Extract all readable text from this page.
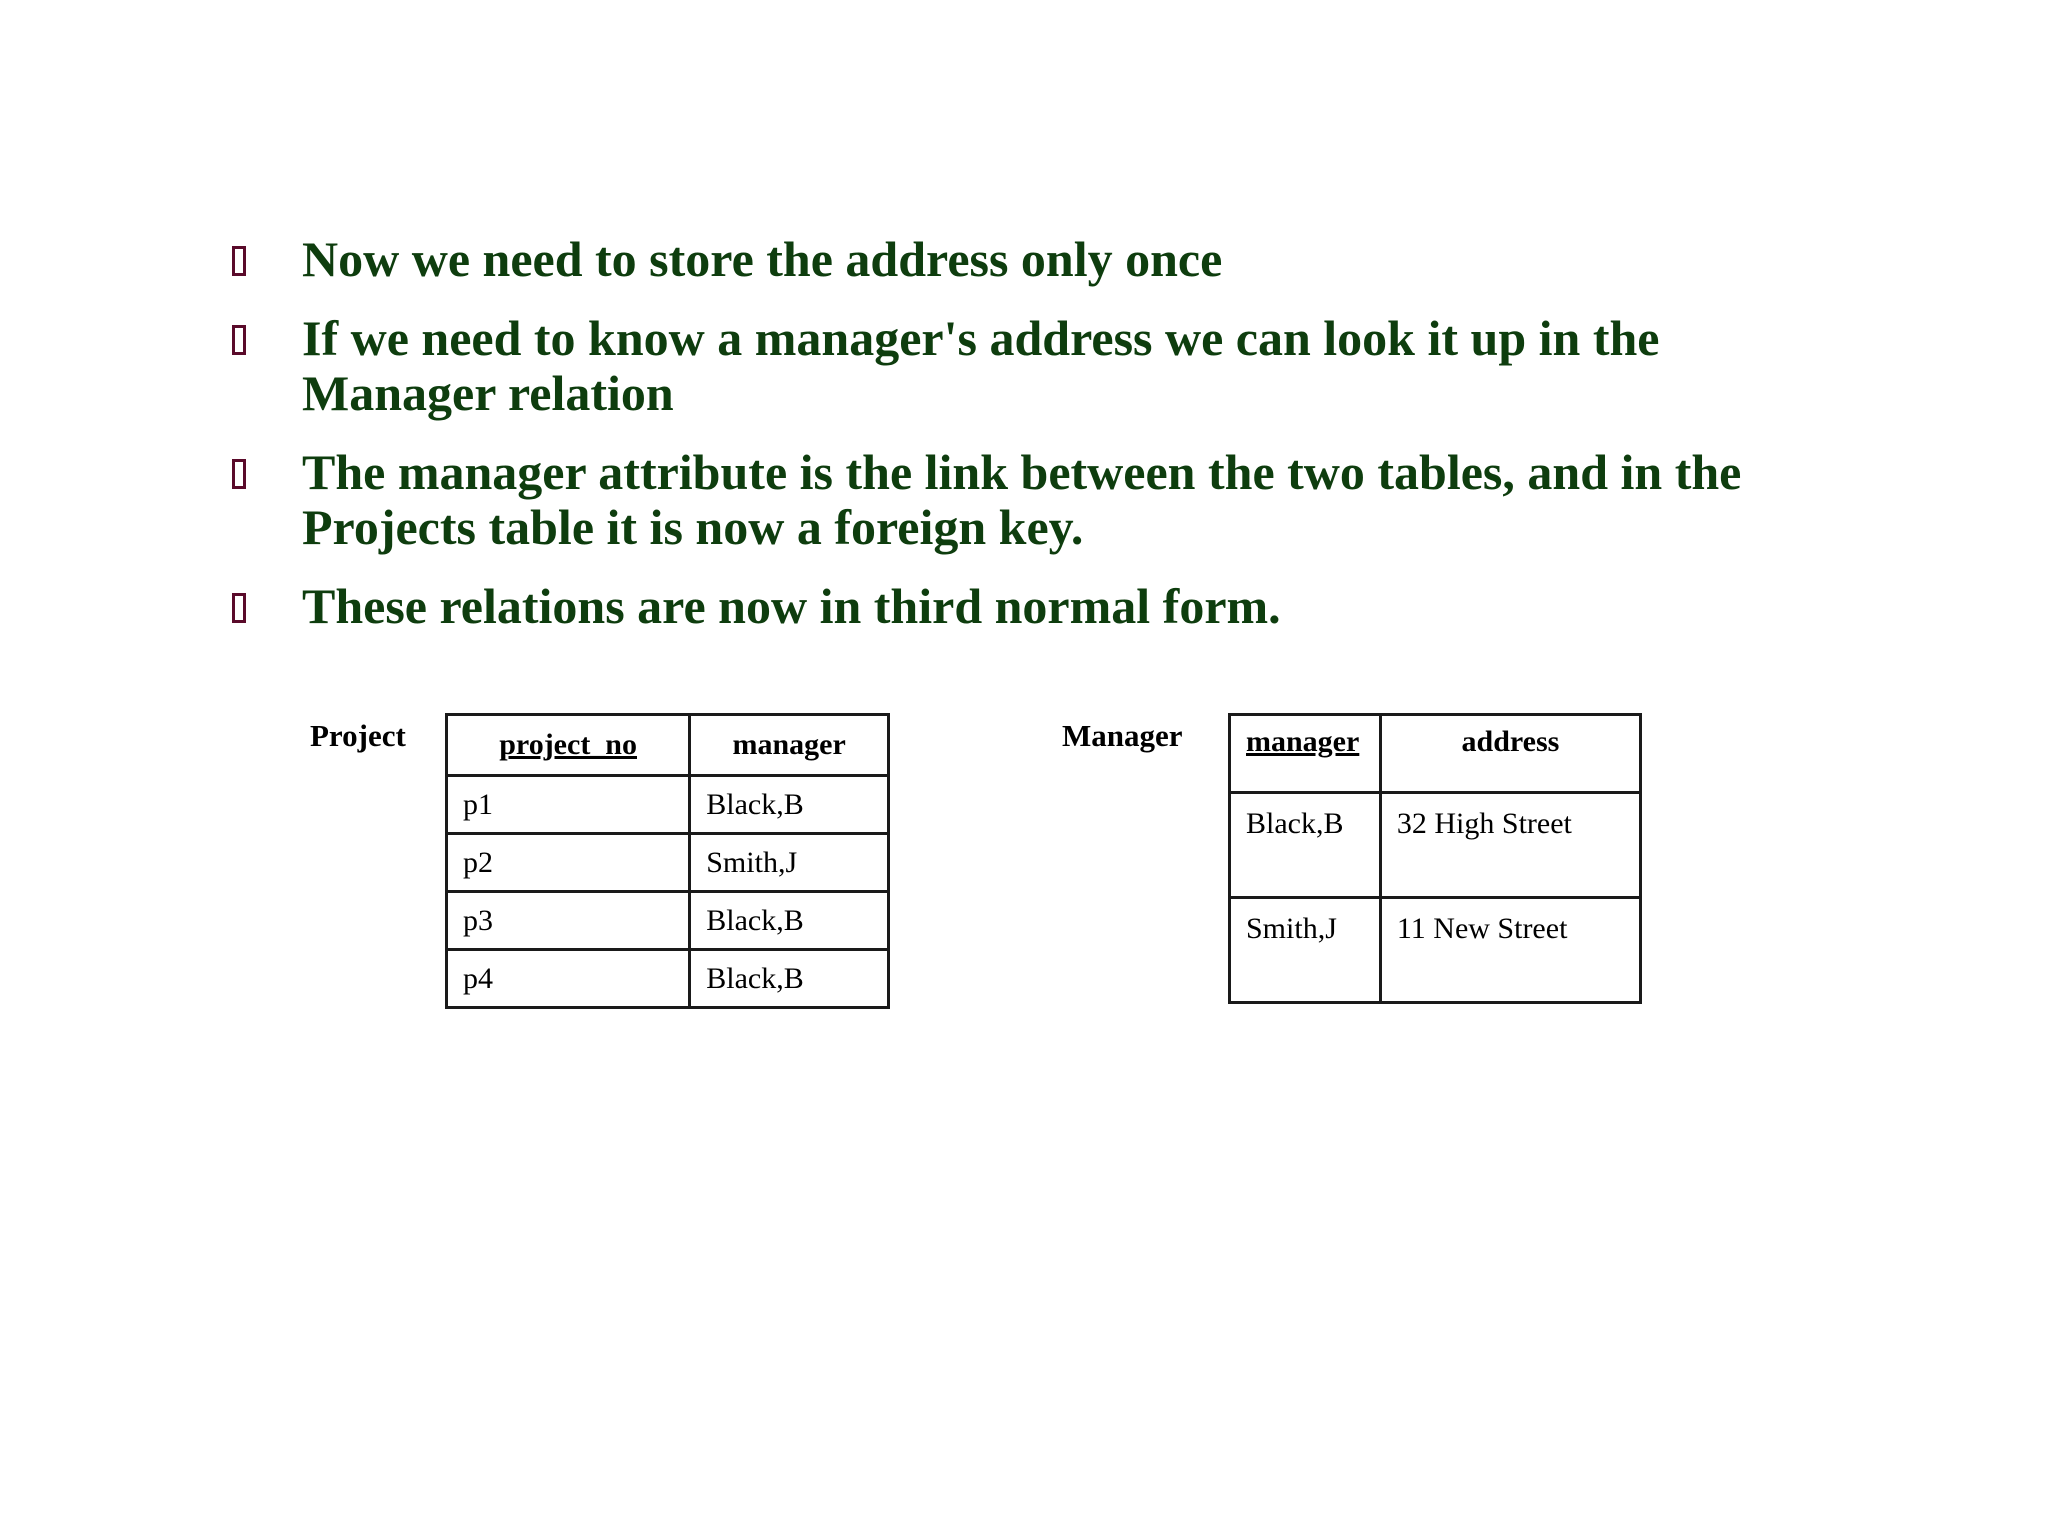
Now we need to store the address only once
If we need to know a manager's address we can look it up in the Manager relation
The manager attribute is the link between the two tables, and in the Projects table it is now a foreign key.
These relations are now in third normal form.
Project	project_no	manager
p1	Black,B
p2	Smith,J
p3	Black,B
p4	Black,B
Manager manager	address
Black,B	32 High Street
Smith,J	11 New Street
